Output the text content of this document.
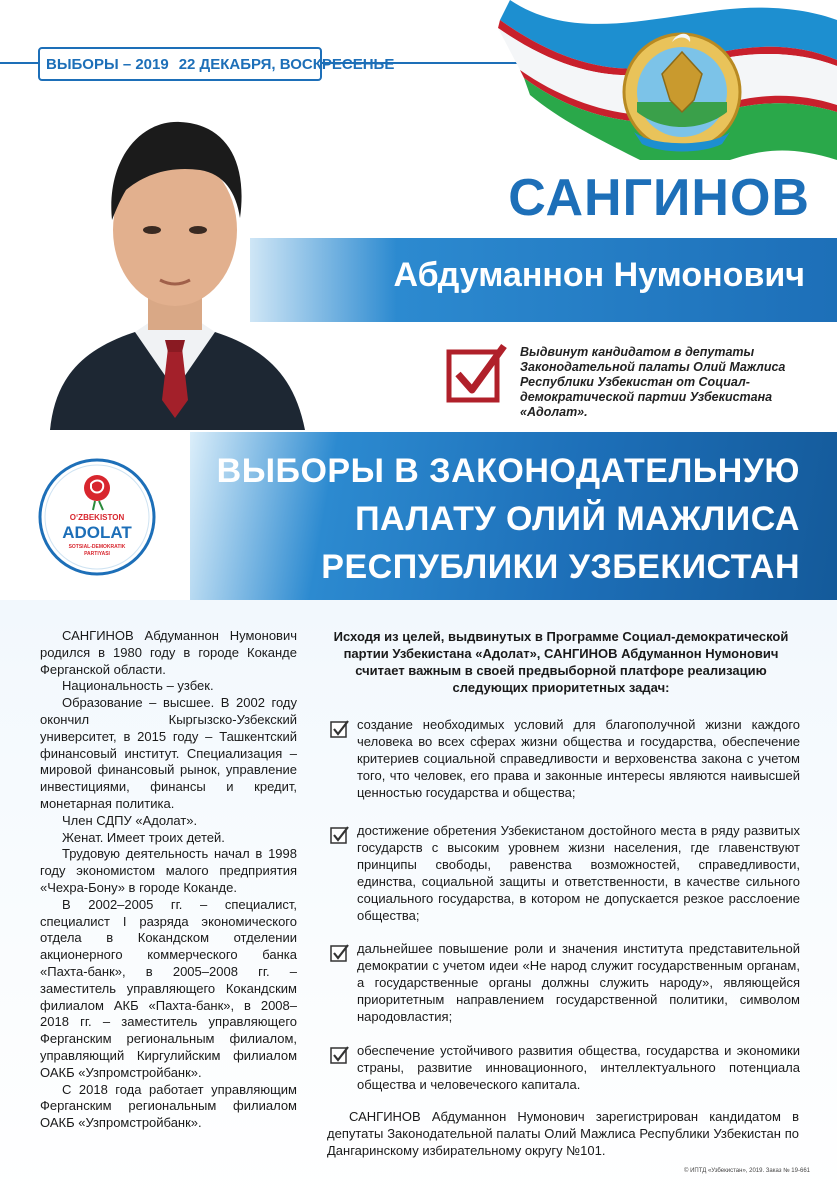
ВЫБОРЫ – 2019 22 ДЕКАБРЯ, ВОСКРЕСЕНЬЕ
САНГИНОВ
Абдуманнон Нумонович
Выдвинут кандидатом в депутаты Законодательной палаты Олий Мажлиса Республики Узбекистан от Социал-демократической партии Узбекистана «Адолат».
ВЫБОРЫ В ЗАКОНОДАТЕЛЬНУЮ
ПАЛАТУ ОЛИЙ МАЖЛИСА
РЕСПУБЛИКИ УЗБЕКИСТАН
O‘ZBEKISTON
ADOLAT
SOTSIAL-DEMOKRATIK
PARTIYASI

САНГИНОВ Абдуманнон Нумонович родился в 1980 году в городе Коканде Ферганской области.

Национальность – узбек.

Образование – высшее. В 2002 году окончил Кыргызско-Узбекский университет, в 2015 году – Ташкентский финансовый институт. Специализация – мировой финансовый рынок, управление инвестициями, финансы и кредит, монетарная политика.

Член СДПУ «Адолат».

Женат. Имеет троих детей.

Трудовую деятельность начал в 1998 году экономистом малого предприятия «Чехра-Бону» в городе Коканде.

В 2002–2005 гг. – специалист, специалист I разряда экономического отдела в Кокандском отделении акционерного коммерческого банка «Пахта-банк», в 2005–2008 гг. – заместитель управляющего Кокандским филиалом АКБ «Пахта-банк», в 2008–2018 гг. – заместитель управляющего Ферганским региональным филиалом, управляющий Киргулийским филиалом ОАКБ «Узпромстройбанк».

С 2018 года работает управляющим Ферганским региональным филиалом ОАКБ «Узпромстройбанк».

Исходя из целей, выдвинутых в Программе Социал-демократической партии Узбекистана «Адолат», САНГИНОВ Абдуманнон Нумонович считает важным в своей предвыборной платфоре реализацию следующих приоритетных задач:
создание необходимых условий для благополучной жизни каждого человека во всех сферах жизни общества и государства, обеспечение критериев социальной справедливости и верховенства закона с учетом того, что человек, его права и законные интересы являются наивысшей ценностью государства и общества;
достижение обретения Узбекистаном достойного места в ряду развитых государств с высоким уровнем жизни населения, где главенствуют принципы свободы, равенства возможностей, справедливости, единства, социальной защиты и ответственности, в качестве сильного социального государства, в котором не допускается резкое расслоение общества;
дальнейшее повышение роли и значения института представительной демократии с учетом идеи «Не народ служит государственным органам, а государственные органы должны служить народу», являющейся приоритетным направлением государственной политики, символом народовластия;
обеспечение устойчивого развития общества, государства и экономики страны, развитие инновационного, интеллектуального потенциала общества и человеческого капитала.
САНГИНОВ Абдуманнон Нумонович зарегистрирован кандидатом в депутаты Законодательной палаты Олий Мажлиса Республики Узбекистан по Дангаринскому избирательному округу №101.
© ИПТД «Узбекистан», 2019. Заказ № 19-661
